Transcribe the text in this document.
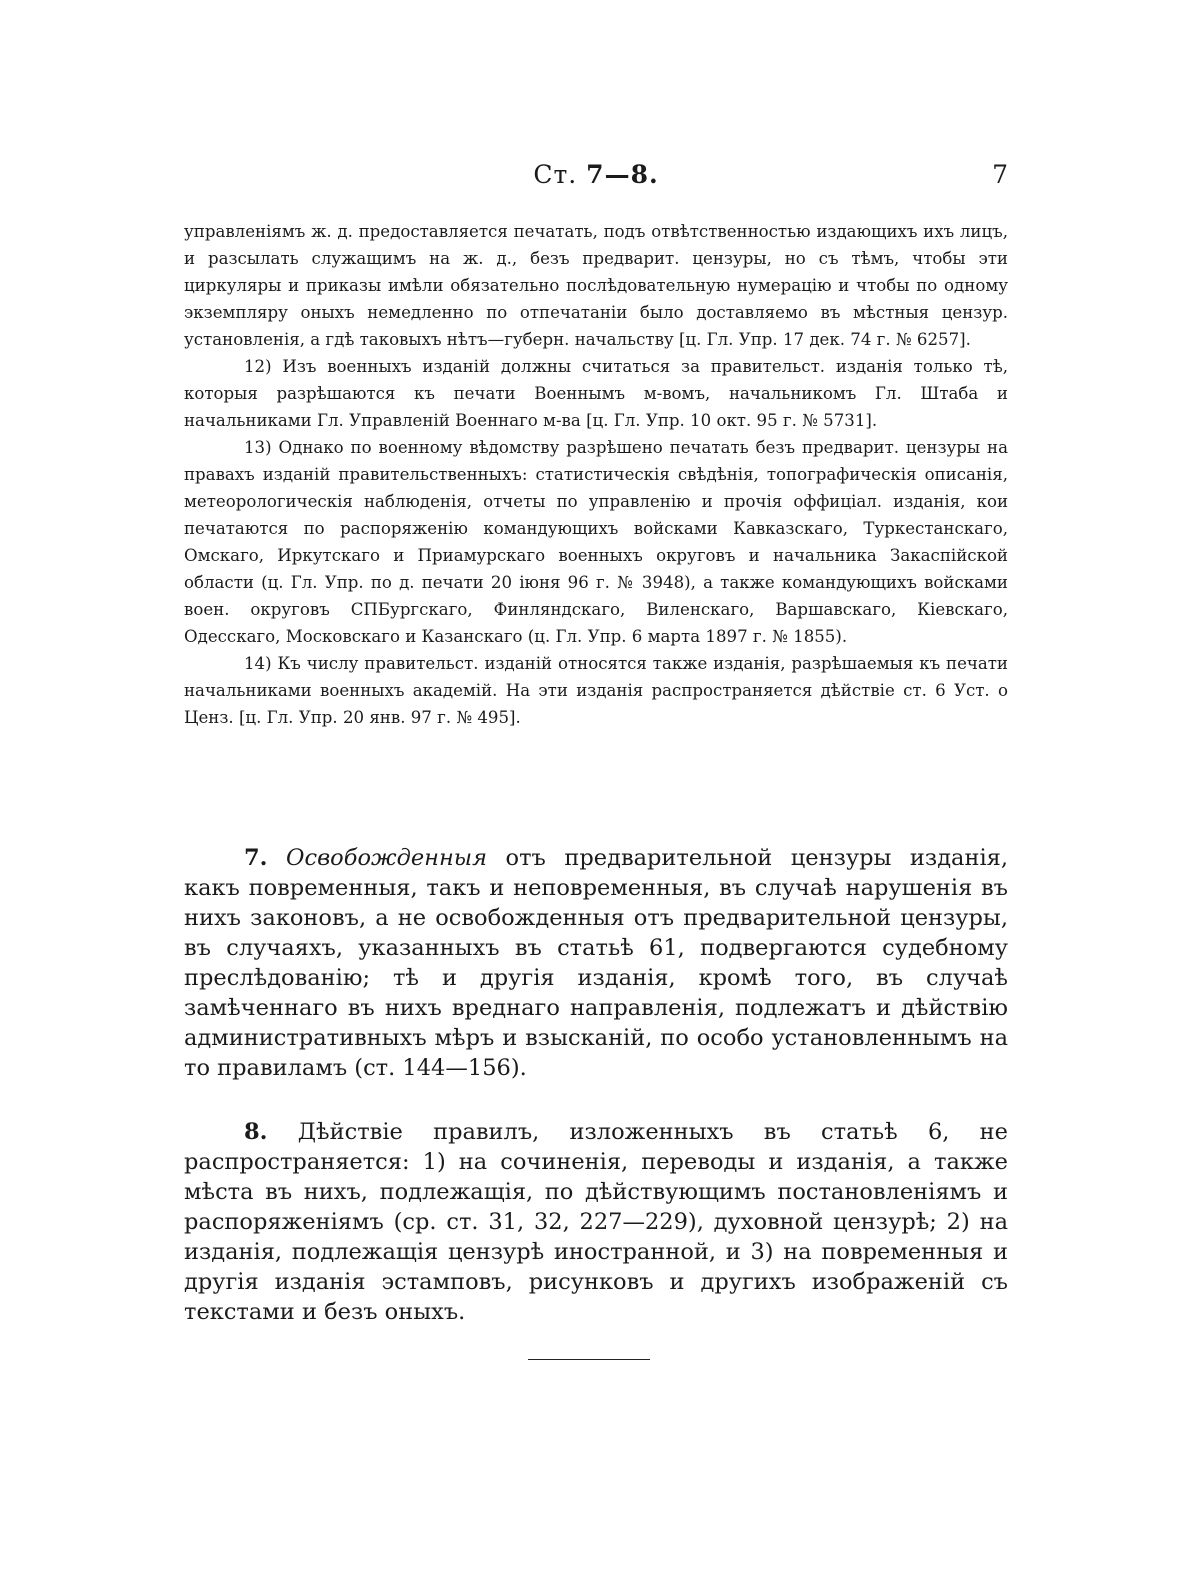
Ст. 7—8.	7

управленіямъ ж. д. предоставляется печатать, подъ отвѣтственностью издающихъ ихъ лицъ, и разсылать служащимъ на ж. д., безъ предварит. цензуры, но съ тѣмъ, чтобы эти циркуляры и приказы имѣли обязательно послѣдовательную нумерацію и чтобы по одному экземпляру оныхъ немедленно по отпечатаніи было доставляемо въ мѣстныя цензур. установленія, а гдѣ таковыхъ нѣтъ—губерн. начальству [ц. Гл. Упр. 17 дек. 74 г. № 6257].

12) Изъ военныхъ изданій должны считаться за правительст. изданія только тѣ, которыя разрѣшаются къ печати Военнымъ м-вомъ, начальникомъ Гл. Штаба и начальниками Гл. Управленій Военнаго м-ва [ц. Гл. Упр. 10 окт. 95 г. № 5731].

13) Однако по военному вѣдомству разрѣшено печатать безъ предварит. цензуры на правахъ изданій правительственныхъ: статистическія свѣдѣнія, топографическія описанія, метеорологическія наблюденія, отчеты по управленію и прочія оффиціал. изданія, кои печатаются по распоряженію командующихъ войсками Кавказскаго, Туркестанскаго, Омскаго, Иркутскаго и Приамурскаго военныхъ округовъ и начальника Закаспійской области (ц. Гл. Упр. по д. печати 20 іюня 96 г. № 3948), а также командующихъ войсками воен. округовъ СПБургскаго, Финляндскаго, Виленскаго, Варшавскаго, Кіевскаго, Одесскаго, Московскаго и Казанскаго (ц. Гл. Упр. 6 марта 1897 г. № 1855).

14) Къ числу правительст. изданій относятся также изданія, разрѣшаемыя къ печати начальниками военныхъ академій. На эти изданія распространяется дѣйствіе ст. 6 Уст. о Ценз. [ц. Гл. Упр. 20 янв. 97 г. № 495].

7. Освобожденныя отъ предварительной цензуры изданія, какъ повременныя, такъ и неповременныя, въ случаѣ нарушенія въ нихъ законовъ, а не освобожденныя отъ предварительной цензуры, въ случаяхъ, указанныхъ въ статьѣ 61, подвергаются судебному преслѣдованію; тѣ и другія изданія, кромѣ того, въ случаѣ замѣченнаго въ нихъ вреднаго направленія, подлежатъ и дѣйствію административныхъ мѣръ и взысканій, по особо установленнымъ на то правиламъ (ст. 144—156).

8. Дѣйствіе правилъ, изложенныхъ въ статьѣ 6, не распространяется: 1) на сочиненія, переводы и изданія, а также мѣста въ нихъ, подлежащія, по дѣйствующимъ постановленіямъ и распоряженіямъ (ср. ст. 31, 32, 227—229), духовной цензурѣ; 2) на изданія, подлежащія цензурѣ иностранной, и 3) на повременныя и другія изданія эстамповъ, рисунковъ и другихъ изображеній съ текстами и безъ оныхъ.
